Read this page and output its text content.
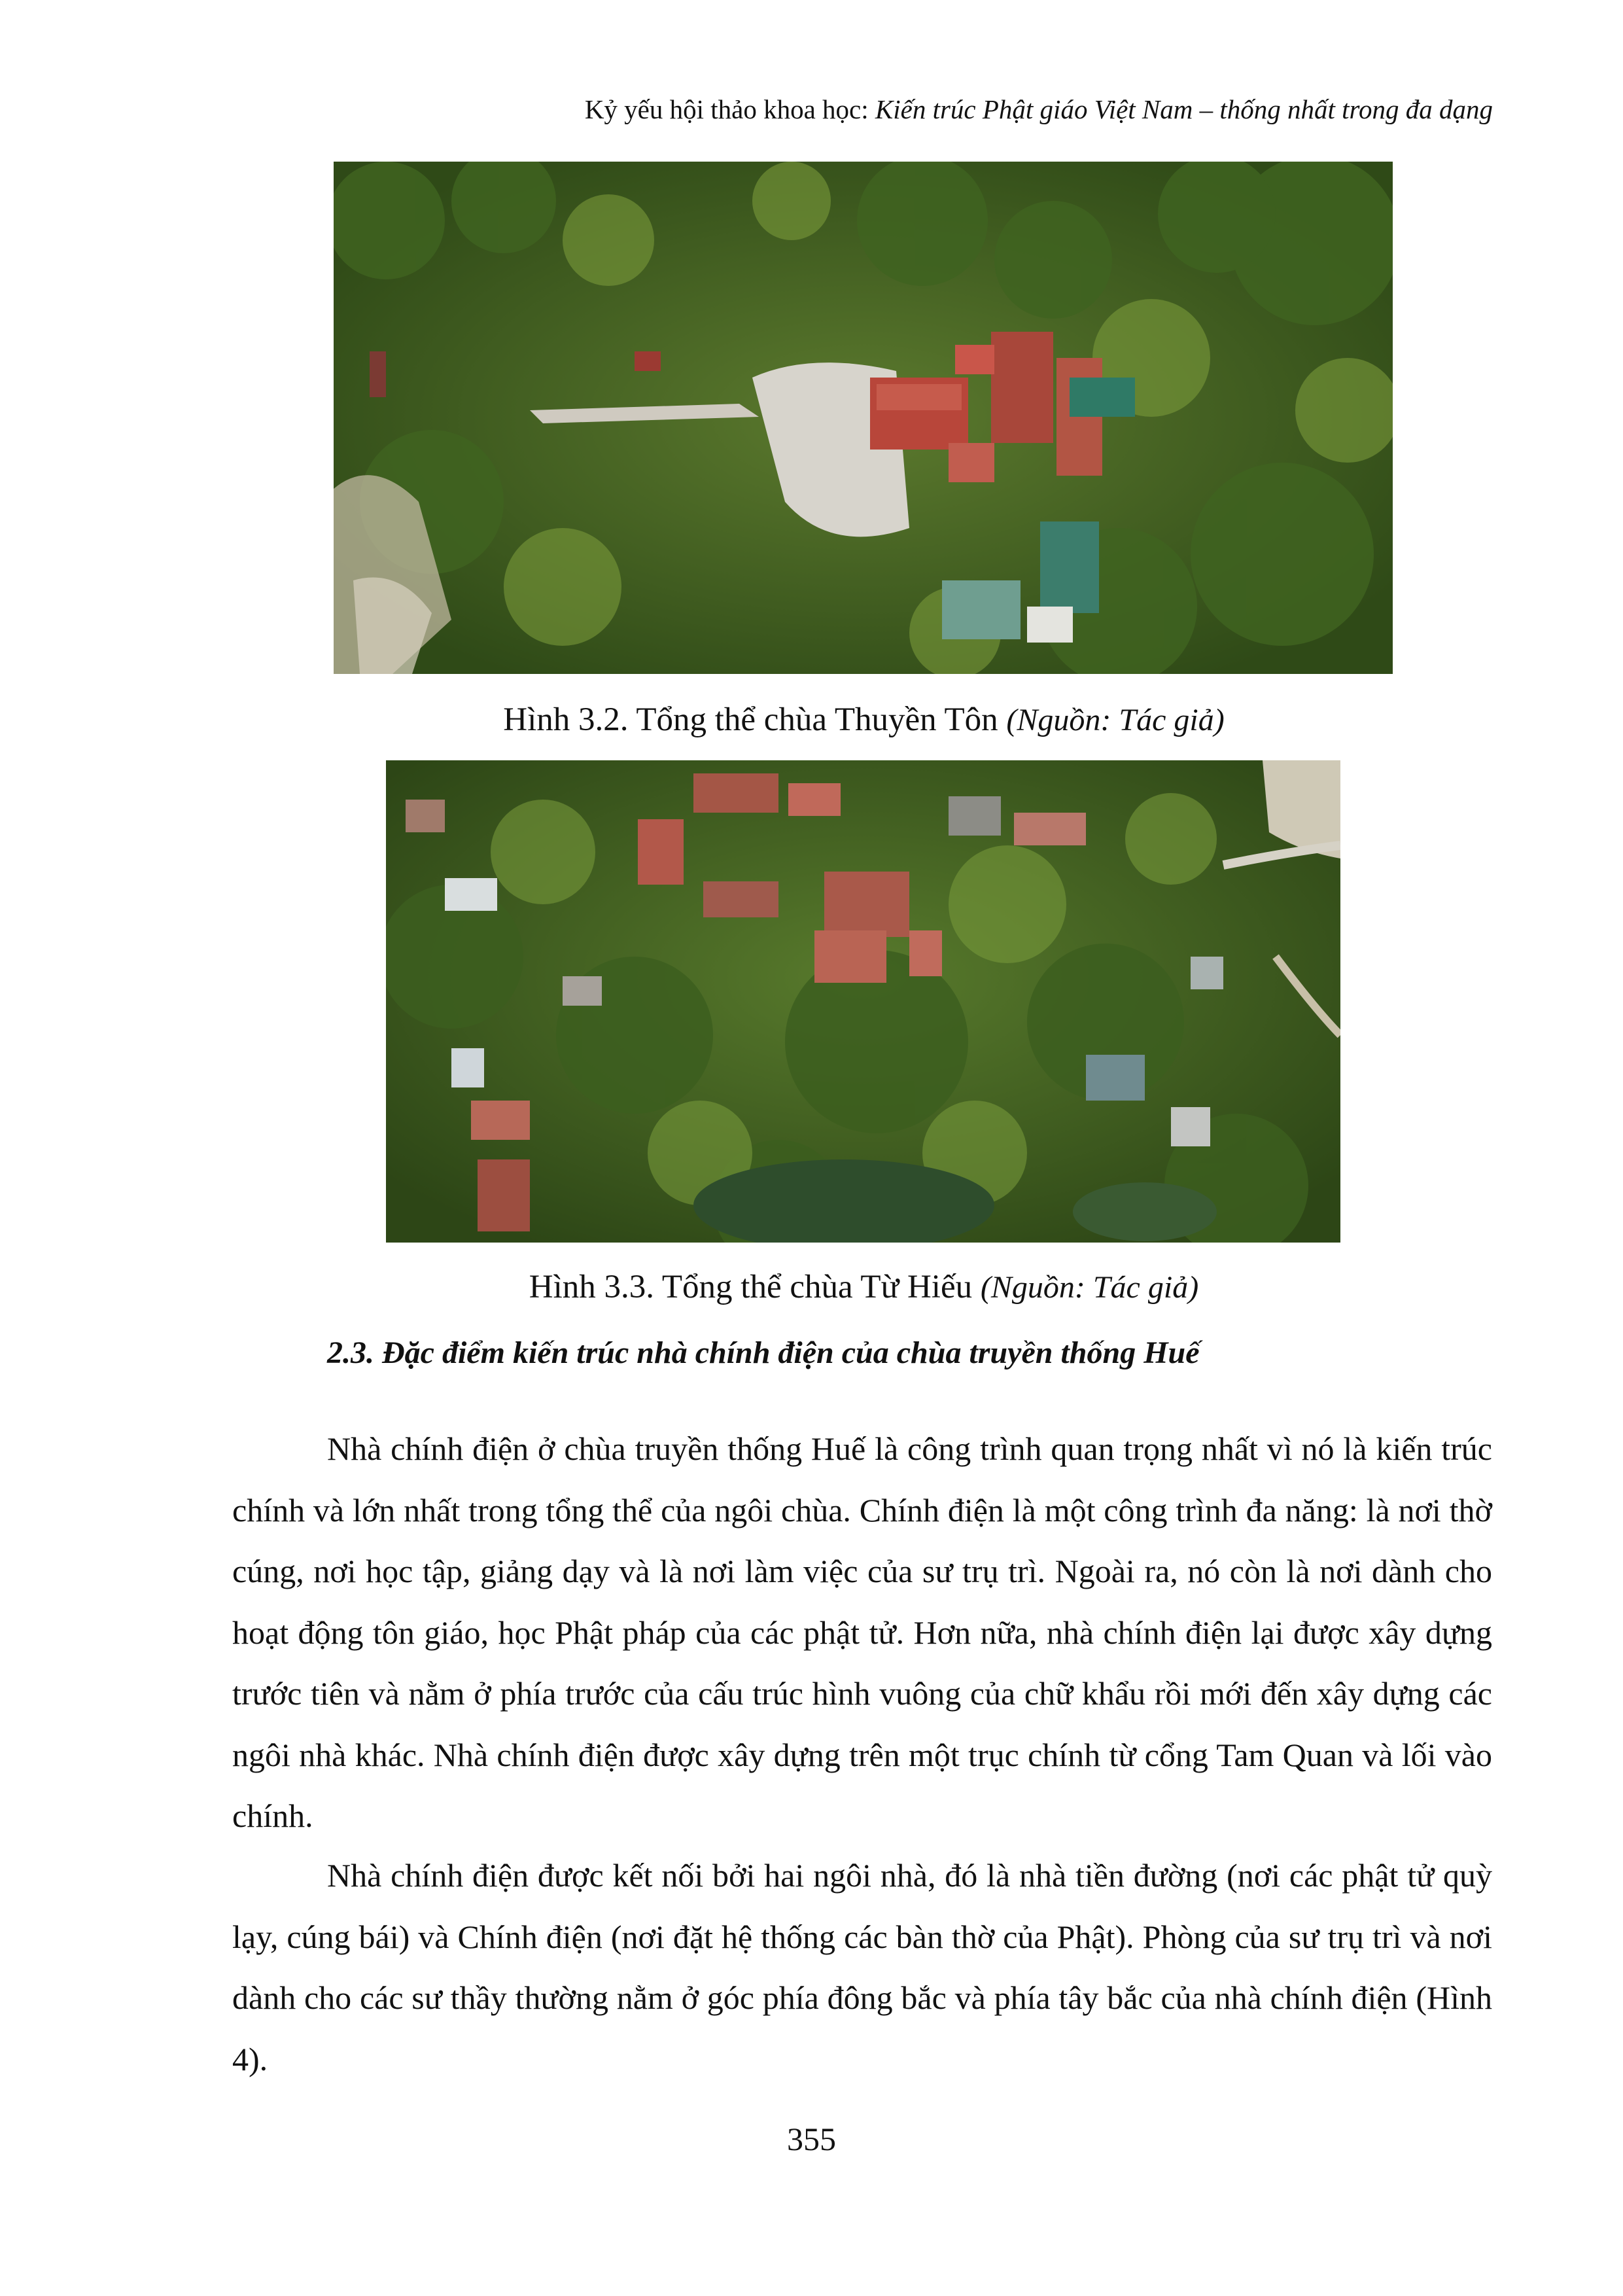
Kỷ yếu hội thảo khoa học: Kiến trúc Phật giáo Việt Nam – thống nhất trong đa dạng
Hình 3.2. Tổng thể chùa Thuyền Tôn (Nguồn: Tác giả)
Hình 3.3. Tổng thể chùa Từ Hiếu (Nguồn: Tác giả)
2.3. Đặc điểm kiến trúc nhà chính điện của chùa truyền thống Huế

Nhà chính điện ở chùa truyền thống Huế là công trình quan trọng nhất vì nó là kiến trúc chính và lớn nhất trong tổng thể của ngôi chùa. Chính điện là một công trình đa năng: là nơi thờ cúng, nơi học tập, giảng dạy và là nơi làm việc của sư trụ trì. Ngoài ra, nó còn là nơi dành cho hoạt động tôn giáo, học Phật pháp của các phật tử. Hơn nữa, nhà chính điện lại được xây dựng trước tiên và nằm ở phía trước của cấu trúc hình vuông của chữ khẩu rồi mới đến xây dựng các ngôi nhà khác. Nhà chính điện được xây dựng trên một trục chính từ cổng Tam Quan và lối vào chính.

Nhà chính điện được kết nối bởi hai ngôi nhà, đó là nhà tiền đường (nơi các phật tử quỳ lạy, cúng bái) và Chính điện (nơi đặt hệ thống các bàn thờ của Phật). Phòng của sư trụ trì và nơi dành cho các sư thầy thường nằm ở góc phía đông bắc và phía tây bắc của nhà chính điện (Hình 4).

355
